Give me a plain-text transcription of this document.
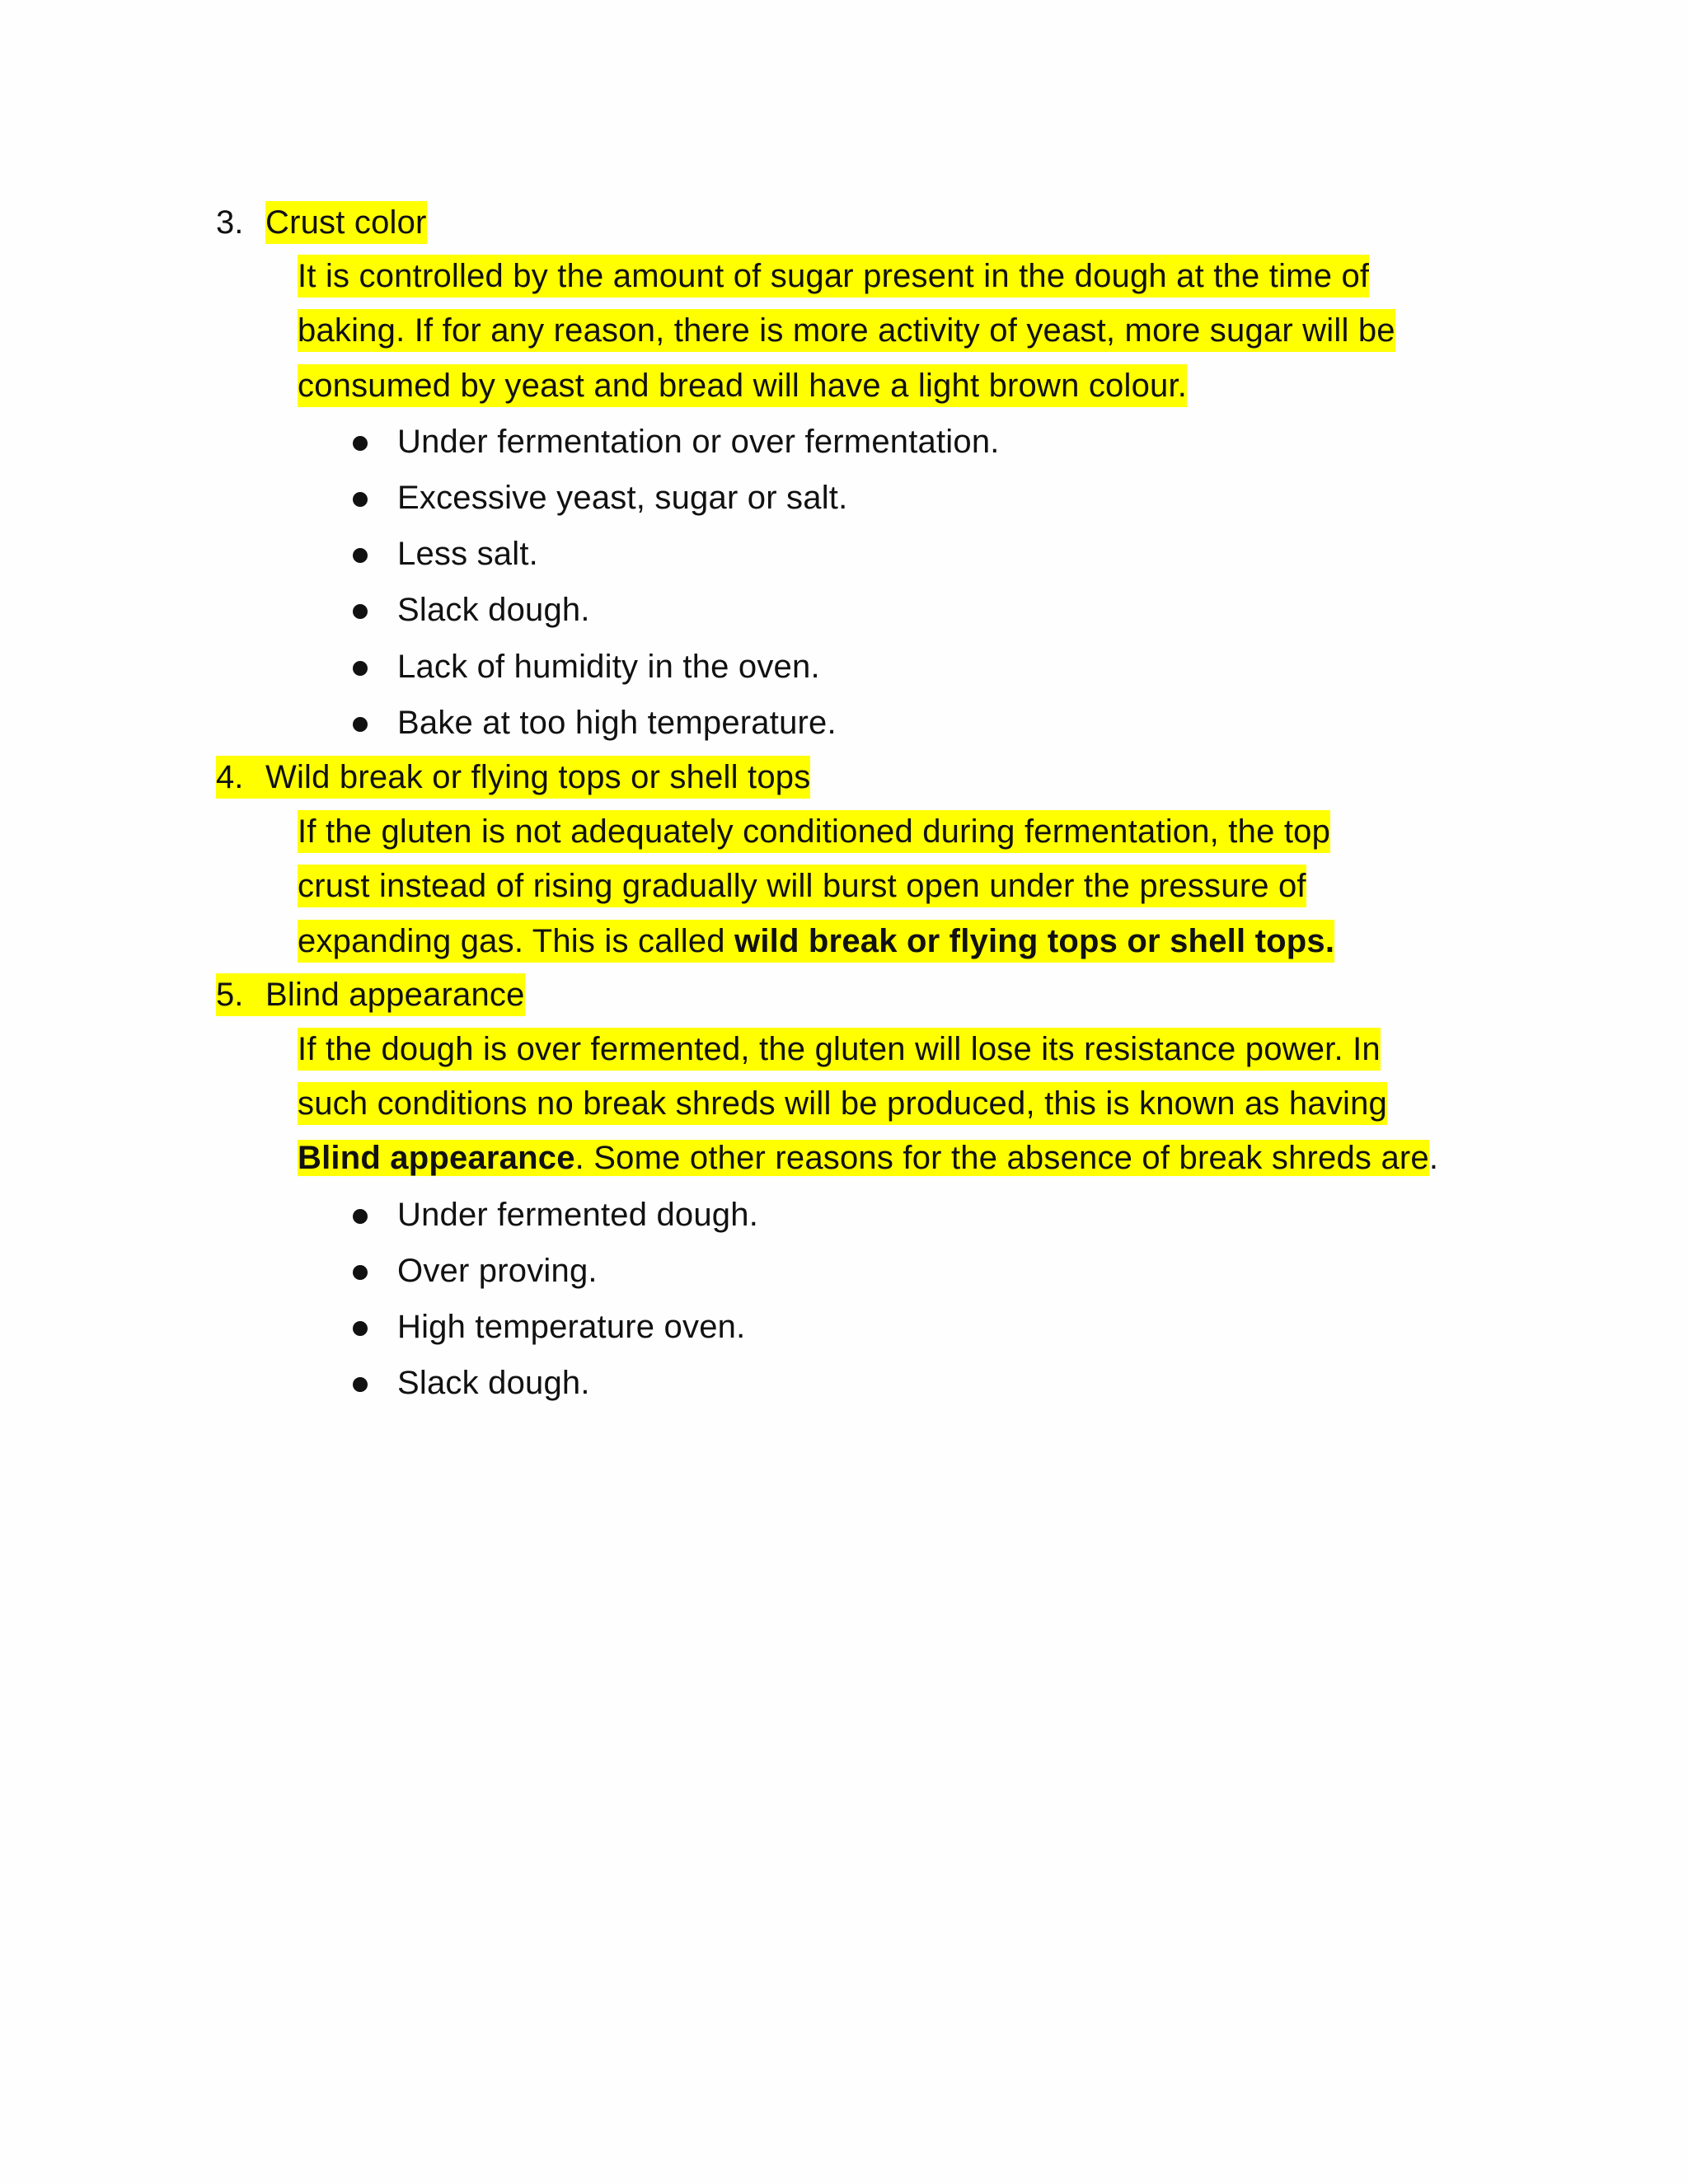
3. Crust color
It is controlled by the amount of sugar present in the dough at the time of
baking. If for any reason, there is more activity of yeast, more sugar will be
consumed by yeast and bread will have a light brown colour.
Under fermentation or over fermentation.
Excessive yeast, sugar or salt.
Less salt.
Slack dough.
Lack of humidity in the oven.
Bake at too high temperature.
4. Wild break or flying tops or shell tops
If the gluten is not adequately conditioned during fermentation, the top
crust instead of rising gradually will burst open under the pressure of
expanding gas. This is called wild break or flying tops or shell tops.
5. Blind appearance
If the dough is over fermented, the gluten will lose its resistance power. In
such conditions no break shreds will be produced, this is known as having
Blind appearance. Some other reasons for the absence of break shreds are.
Under fermented dough.
Over proving.
High temperature oven.
Slack dough.
